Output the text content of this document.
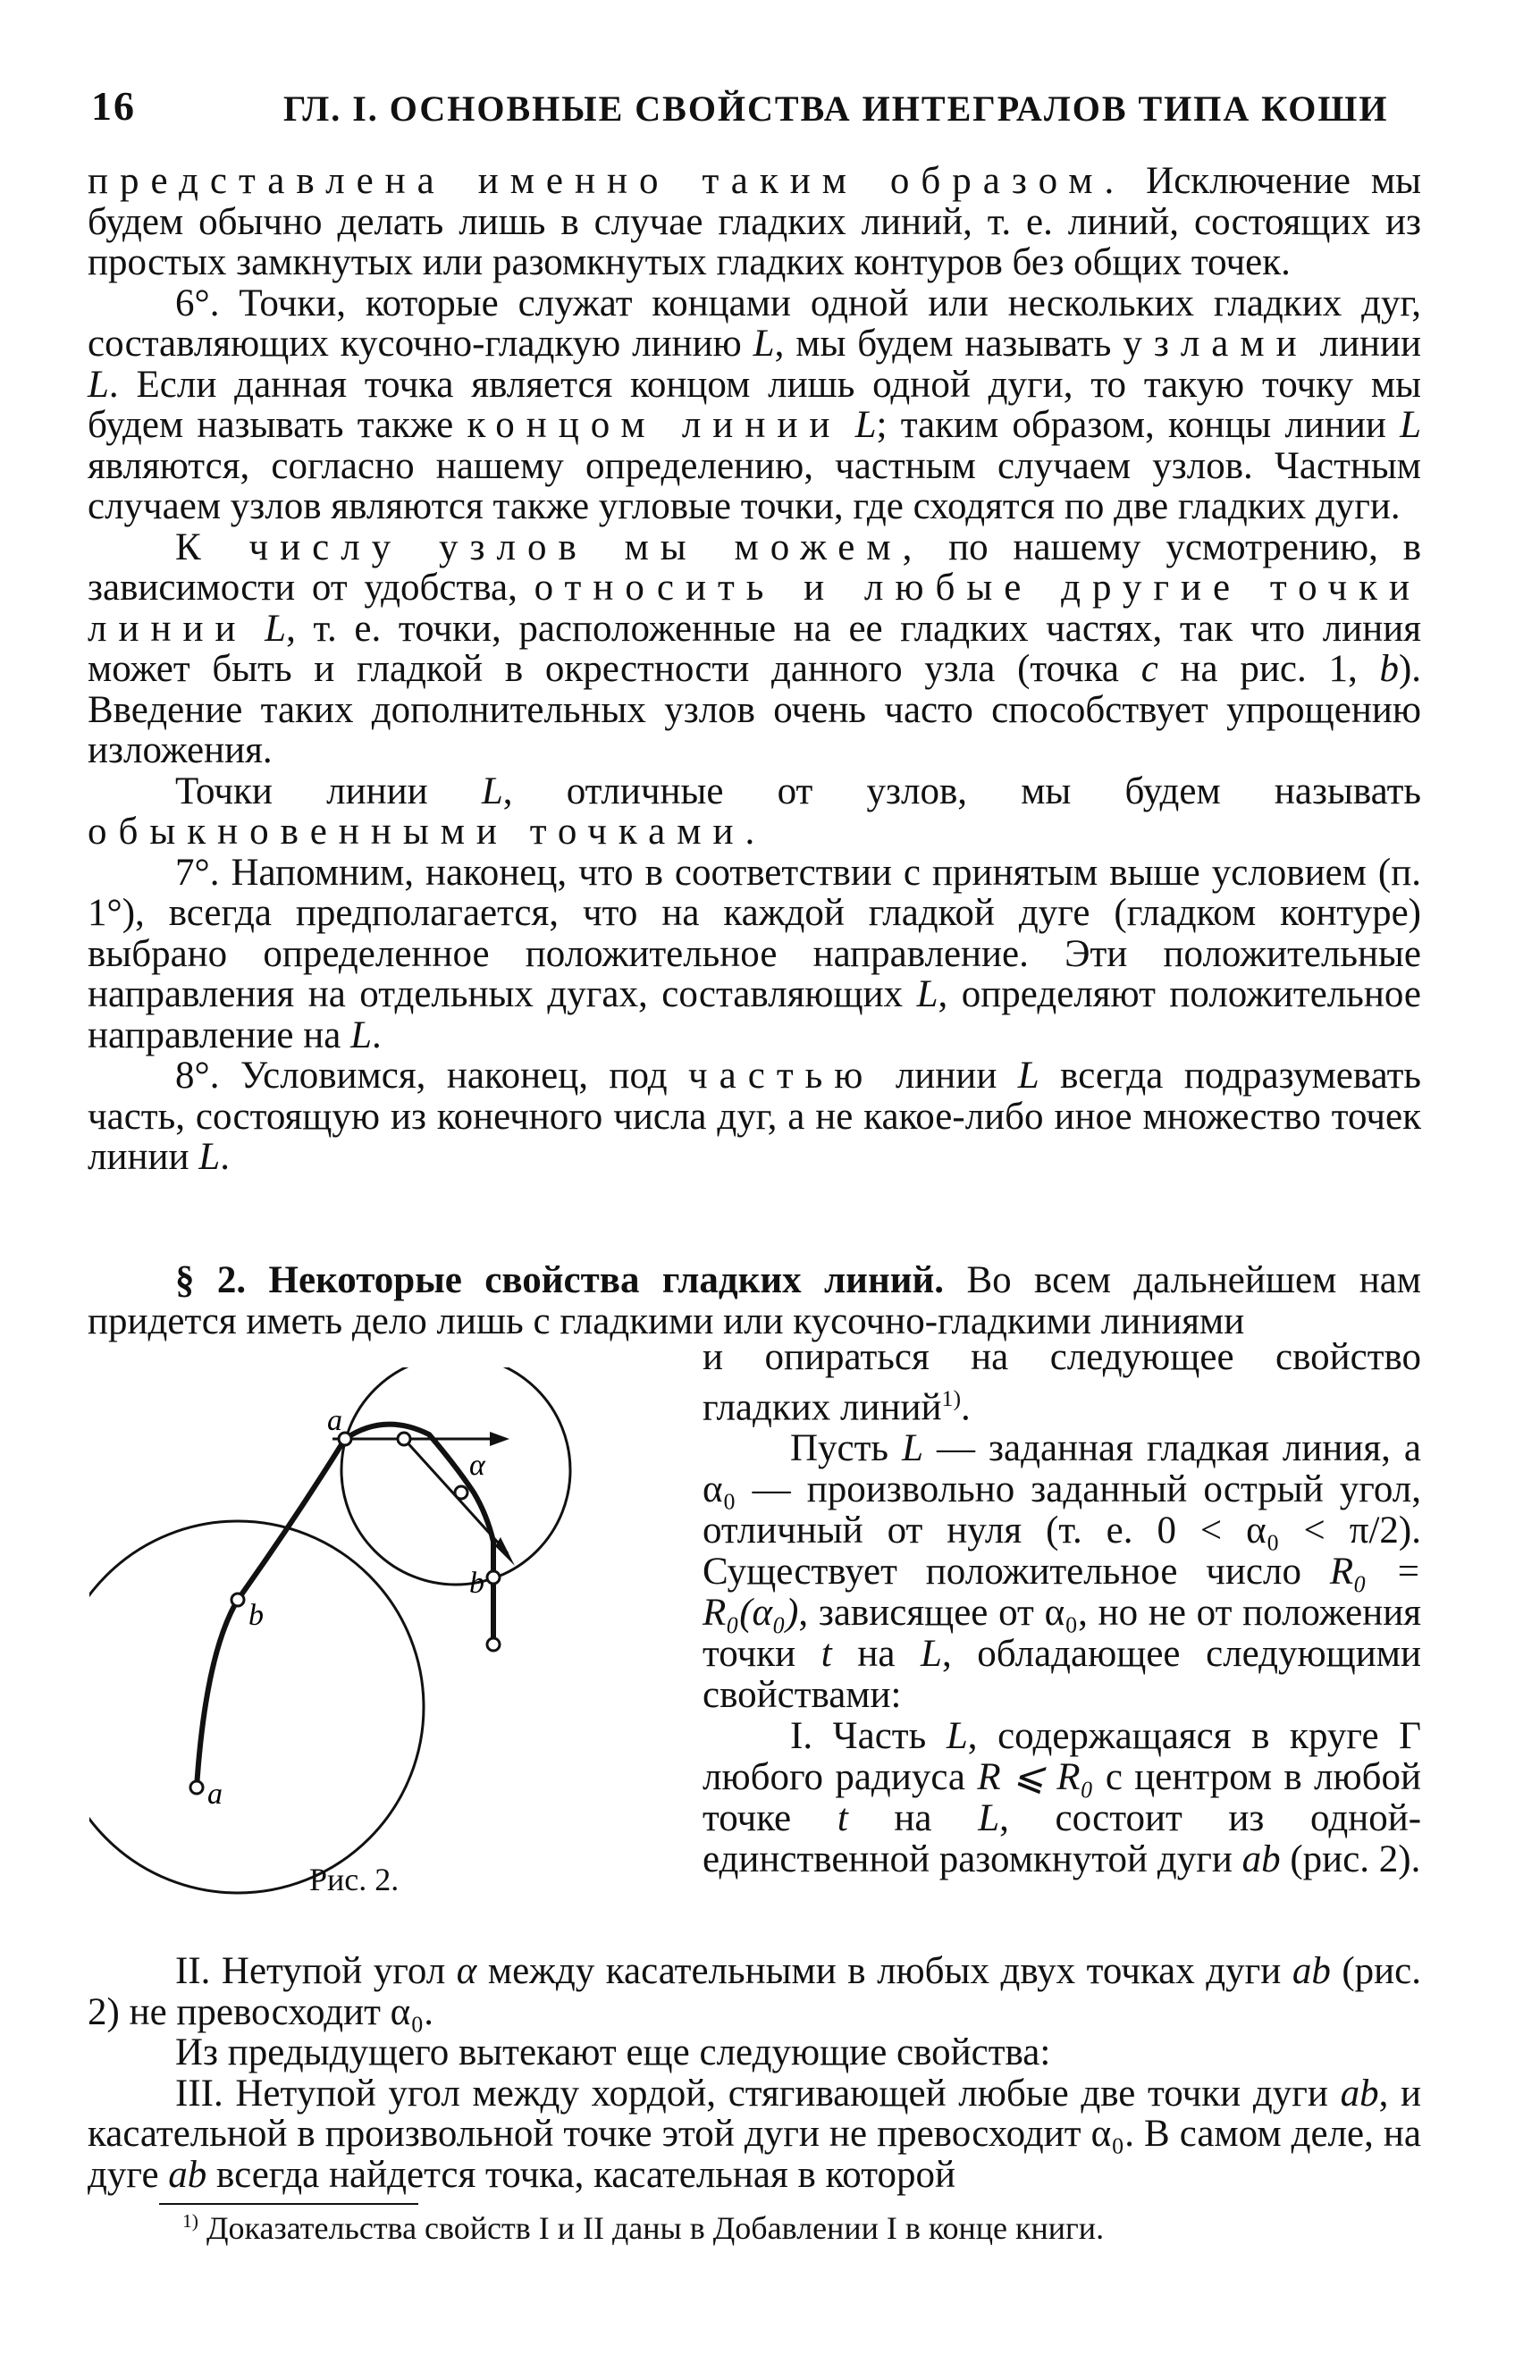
16	ГЛ. I. ОСНОВНЫЕ СВОЙСТВА ИНТЕГРАЛОВ ТИПА КОШИ

представлена именно таким образом. Исключение мы будем обычно делать лишь в случае гладких линий, т. е. линий, состоящих из простых замкнутых или разомкнутых гладких контуров без общих точек.

6°. Точки, которые служат концами одной или нескольких гладких дуг, составляющих кусочно-гладкую линию L, мы будем называть узлами линии L. Если данная точка является концом лишь одной дуги, то такую точку мы будем называть также концом линии L; таким образом, концы линии L являются, согласно нашему определению, частным случаем узлов. Частным случаем узлов являются также угловые точки, где сходятся по две гладких дуги.

К числу узлов мы можем, по нашему усмотрению, в зависимости от удобства, относить и любые другие точки линии L, т. е. точки, расположенные на ее гладких частях, так что линия может быть и гладкой в окрестности данного узла (точка c на рис. 1, b). Введение таких дополнительных узлов очень часто способствует упрощению изложения.

Точки линии L, отличные от узлов, мы будем называть обыкновенными точками.

7°. Напомним, наконец, что в соответствии с принятым выше условием (п. 1°), всегда предполагается, что на каждой гладкой дуге (гладком контуре) выбрано определенное положительное направление. Эти положительные направления на отдельных дугах, составляющих L, определяют положительное направление на L.

8°. Условимся, наконец, под частью линии L всегда подразумевать часть, состоящую из конечного числа дуг, а не какое-либо иное множество точек линии L.

§ 2. Некоторые свойства гладких линий. Во всем дальнейшем нам придется иметь дело лишь с гладкими или кусочно-гладкими линиями

a
α
b
b
a
Рис. 2.

и опираться на следующее свойство гладких линий$^{1)}$.

Пусть L — заданная гладкая линия, а α₀ — произвольно заданный острый угол, отличный от нуля (т. е. 0 < α₀ < π/2). Существует положительное число R₀ = R₀(α₀), зависящее от α₀, но не от положения точки t на L, обладающее следующими свойствами:

I. Часть L, содержащаяся в круге Г любого радиуса R ⩽ R₀ с центром в любой точке t на L, состоит из одной-единственной разомкнутой дуги ab (рис. 2).

II. Нетупой угол α между касательными в любых двух точках дуги ab (рис. 2) не превосходит α₀.

Из предыдущего вытекают еще следующие свойства:

III. Нетупой угол между хордой, стягивающей любые две точки дуги ab, и касательной в произвольной точке этой дуги не превосходит α₀. В самом деле, на дуге ab всегда найдется точка, касательная в которой

$^{1)}$ Доказательства свойств I и II даны в Добавлении I в конце книги.
